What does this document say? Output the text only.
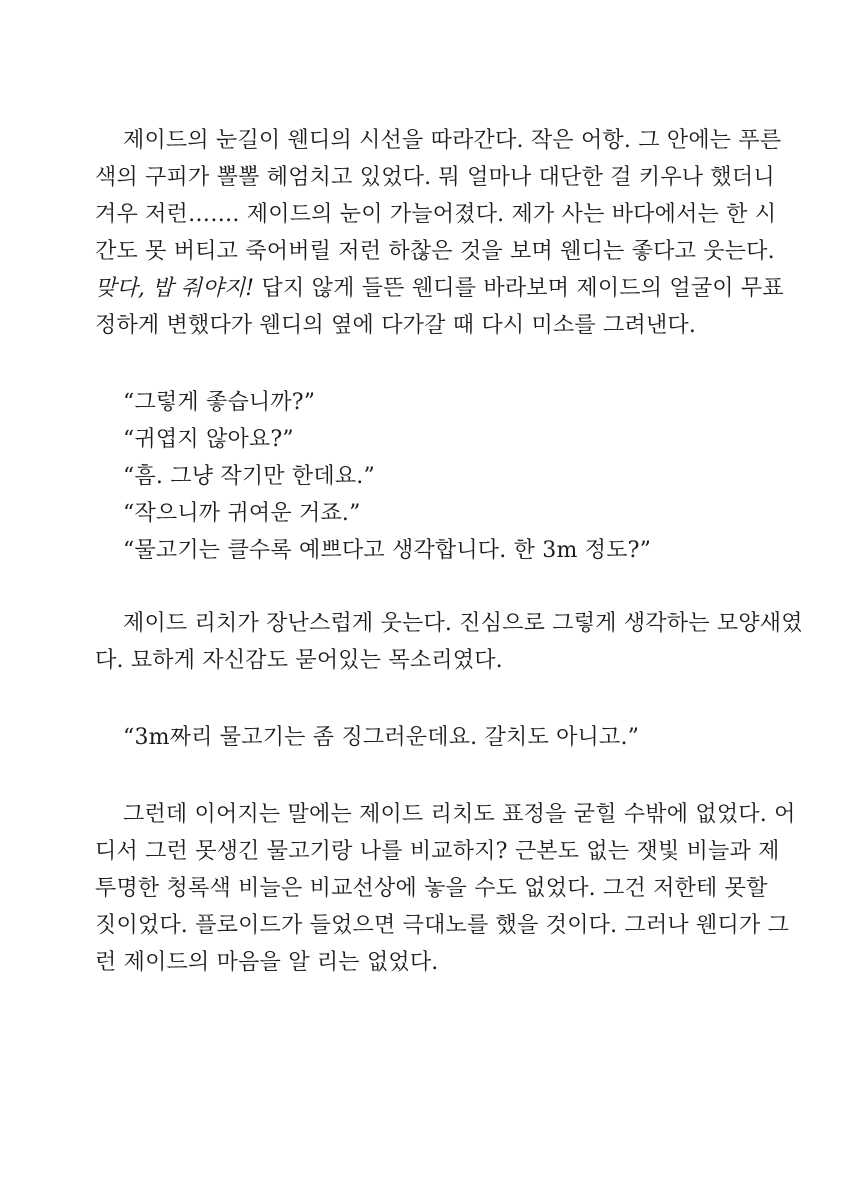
제이드의 눈길이 웬디의 시선을 따라간다. 작은 어항. 그 안에는 푸른
색의 구피가 뽈뽈 헤엄치고 있었다. 뭐 얼마나 대단한 걸 키우나 했더니
겨우 저런……. 제이드의 눈이 가늘어졌다. 제가 사는 바다에서는 한 시
간도 못 버티고 죽어버릴 저런 하찮은 것을 보며 웬디는 좋다고 웃는다.
맞다, 밥 줘야지! 답지 않게 들뜬 웬디를 바라보며 제이드의 얼굴이 무표
정하게 변했다가 웬디의 옆에 다가갈 때 다시 미소를 그려낸다.
“그렇게 좋습니까?”
“귀엽지 않아요?”
“흠. 그냥 작기만 한데요.”
“작으니까 귀여운 거죠.”
“물고기는 클수록 예쁘다고 생각합니다. 한 3m 정도?”
제이드 리치가 장난스럽게 웃는다. 진심으로 그렇게 생각하는 모양새였
다. 묘하게 자신감도 묻어있는 목소리였다.
“3m짜리 물고기는 좀 징그러운데요. 갈치도 아니고.”
그런데 이어지는 말에는 제이드 리치도 표정을 굳힐 수밖에 없었다. 어
디서 그런 못생긴 물고기랑 나를 비교하지? 근본도 없는 잿빛 비늘과 제
투명한 청록색 비늘은 비교선상에 놓을 수도 없었다. 그건 저한테 못할
짓이었다. 플로이드가 들었으면 극대노를 했을 것이다. 그러나 웬디가 그
런 제이드의 마음을 알 리는 없었다.
